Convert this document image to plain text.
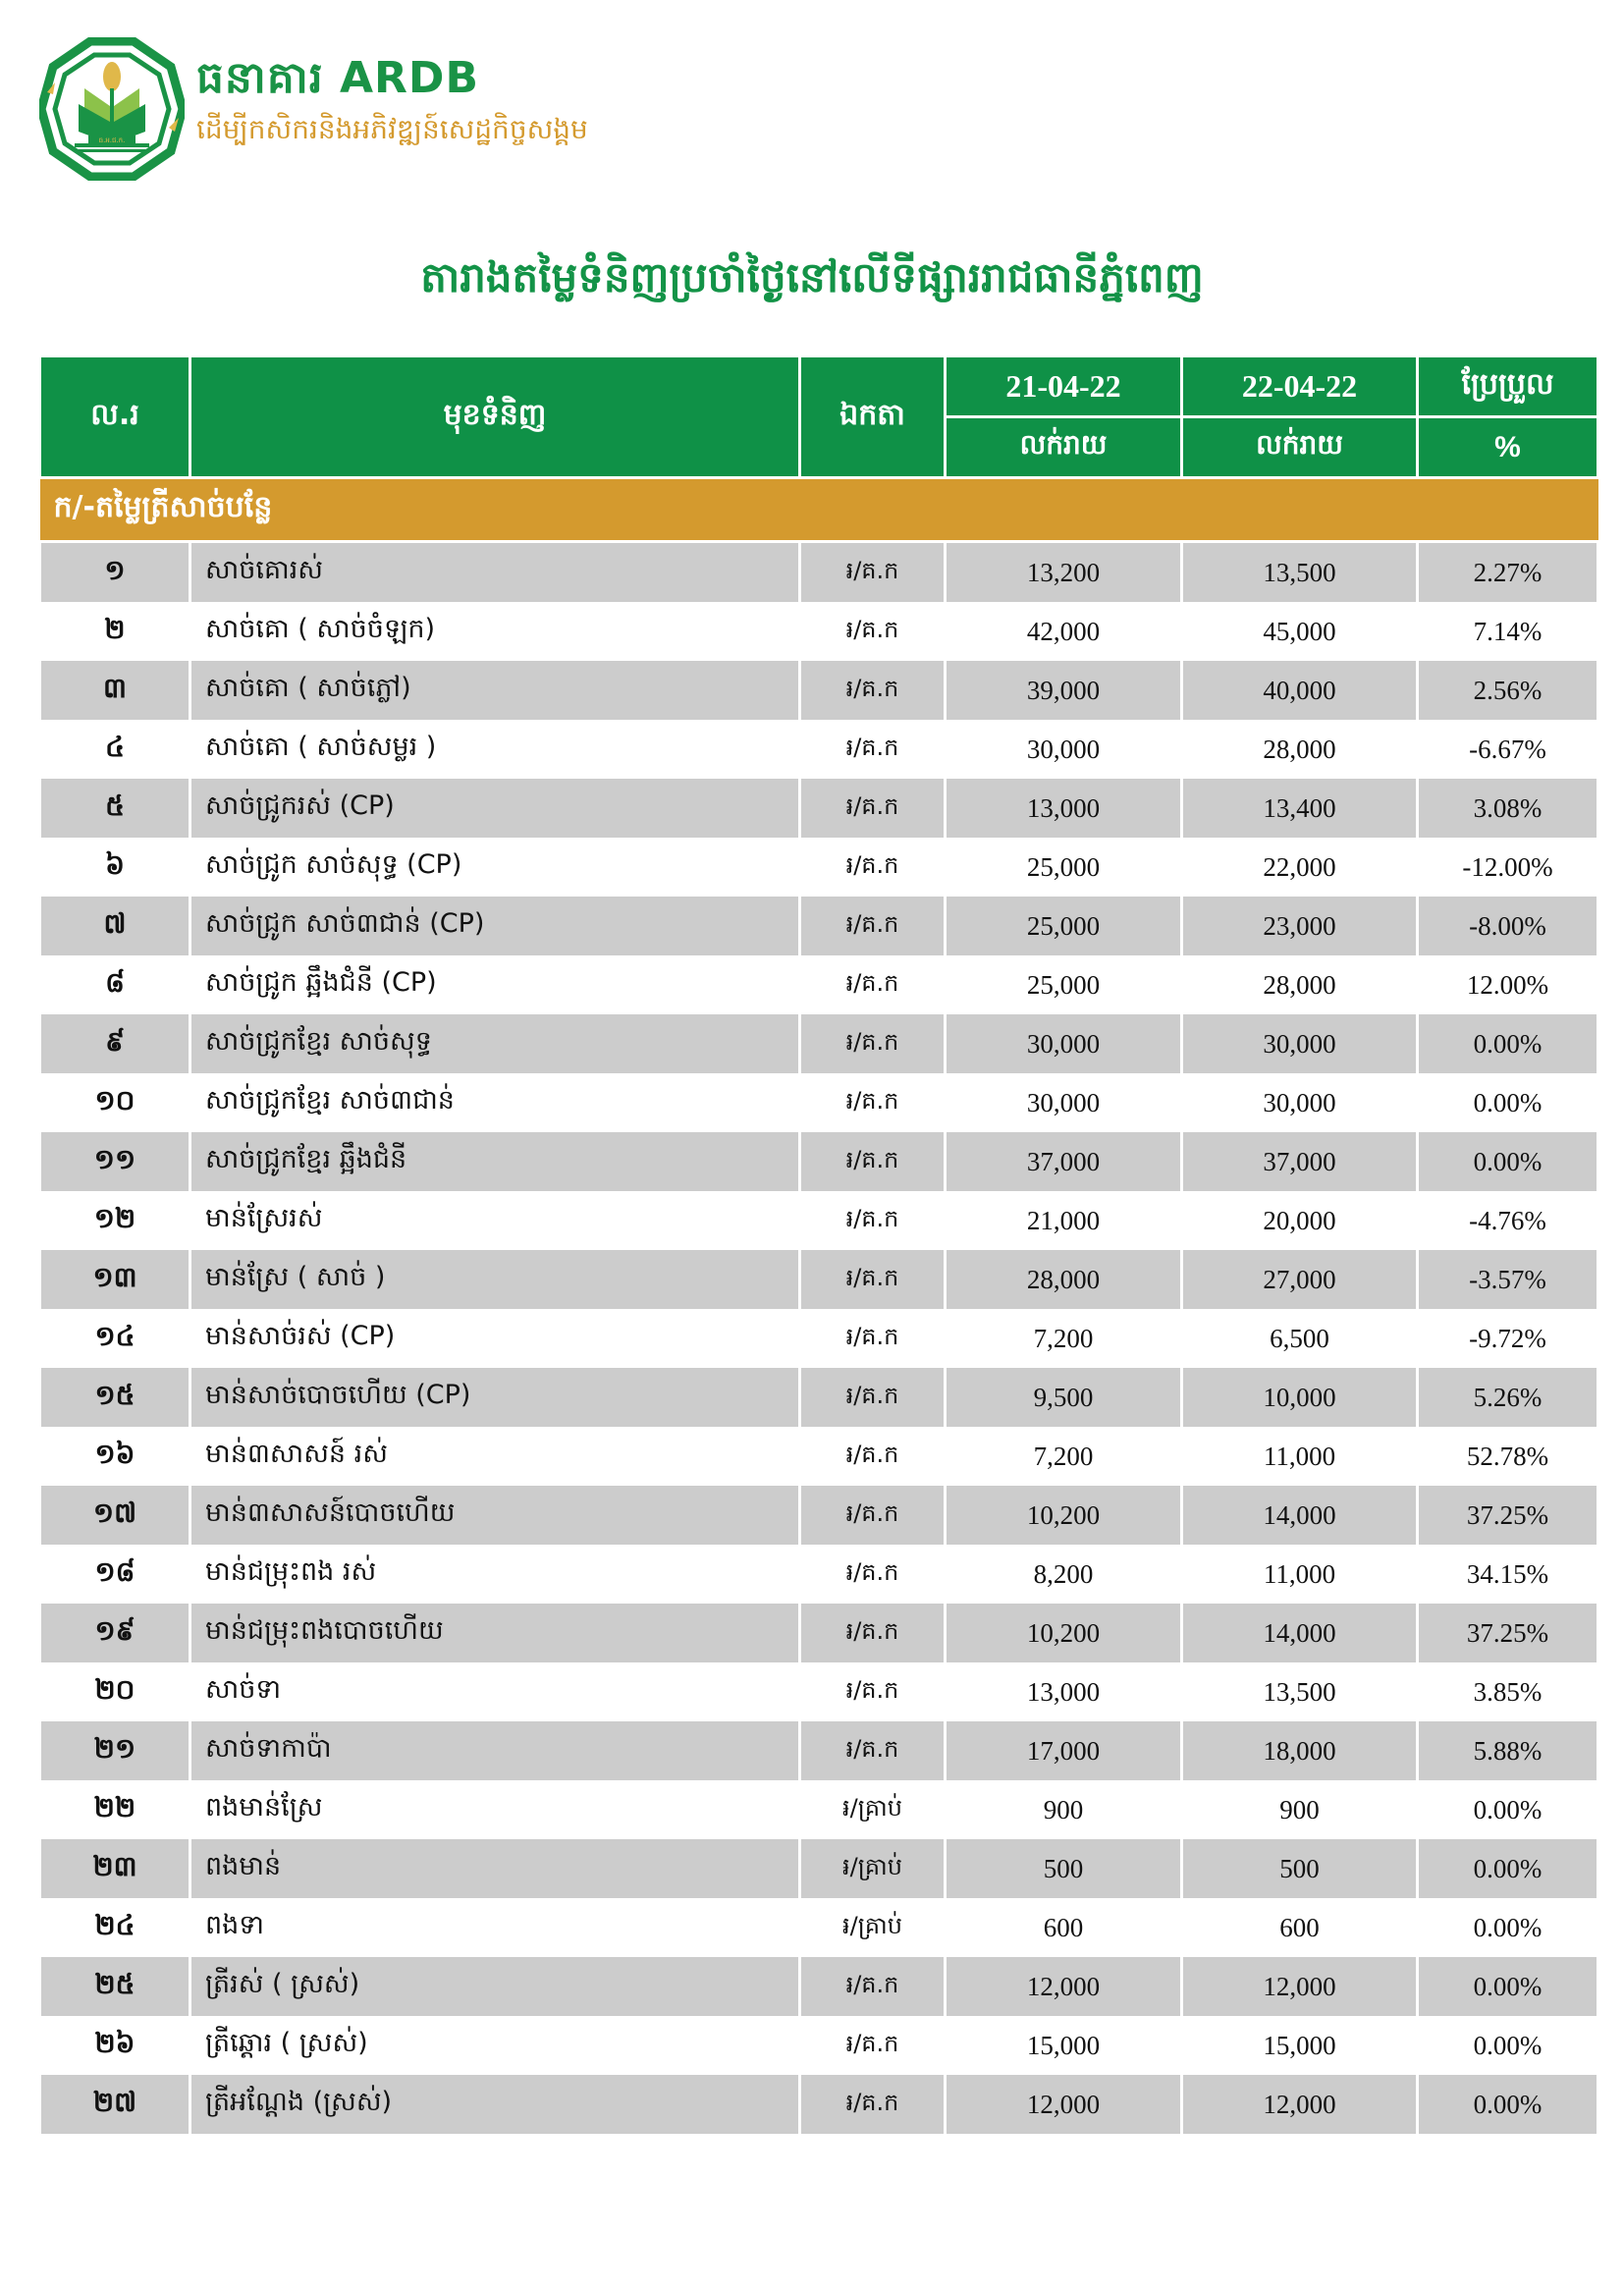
ធ.អ.ជ.ក.
ធនាគារ ARDB
ដើម្បីកសិករនិងអភិវឌ្ឍន៍សេដ្ឋកិច្ចសង្គម
តារាងតម្លៃទំនិញប្រចាំថ្ងៃនៅលើទីផ្សាររាជធានីភ្នំពេញ
ល.រ	មុខទំនិញ	ឯកតា	21-04-22	22-04-22	ប្រែប្រួល
			លក់រាយ	លក់រាយ	%
ក/-តម្លៃត្រីសាច់បន្លែ					
១	សាច់គោរស់	៛/គ.ក	13,200	13,500	2.27%
២	សាច់គោ ( សាច់ចំឡក)	៛/គ.ក	42,000	45,000	7.14%
៣	សាច់គោ ( សាច់ភ្លៅ)	៛/គ.ក	39,000	40,000	2.56%
៤	សាច់គោ ( សាច់សម្លរ )	៛/គ.ក	30,000	28,000	-6.67%
៥	សាច់ជ្រូករស់ (CP)	៛/គ.ក	13,000	13,400	3.08%
៦	សាច់ជ្រូក សាច់សុទ្ធ (CP)	៛/គ.ក	25,000	22,000	-12.00%
៧	សាច់ជ្រូក សាច់៣ជាន់ (CP)	៛/គ.ក	25,000	23,000	-8.00%
៨	សាច់ជ្រូក ឆ្អឹងជំនី (CP)	៛/គ.ក	25,000	28,000	12.00%
៩	សាច់ជ្រូកខ្មែរ សាច់សុទ្ធ	៛/គ.ក	30,000	30,000	0.00%
១០	សាច់ជ្រូកខ្មែរ សាច់៣ជាន់	៛/គ.ក	30,000	30,000	0.00%
១១	សាច់ជ្រូកខ្មែរ ឆ្អឹងជំនី	៛/គ.ក	37,000	37,000	0.00%
១២	មាន់ស្រែរស់	៛/គ.ក	21,000	20,000	-4.76%
១៣	មាន់ស្រែ ( សាច់ )	៛/គ.ក	28,000	27,000	-3.57%
១៤	មាន់សាច់រស់ (CP)	៛/គ.ក	7,200	6,500	-9.72%
១៥	មាន់សាច់បោចហើយ (CP)	៛/គ.ក	9,500	10,000	5.26%
១៦	មាន់៣សាសន៍ រស់	៛/គ.ក	7,200	11,000	52.78%
១៧	មាន់៣សាសន៍បោចហើយ	៛/គ.ក	10,200	14,000	37.25%
១៨	មាន់ជម្រុះពង រស់	៛/គ.ក	8,200	11,000	34.15%
១៩	មាន់ជម្រុះពងបោចហើយ	៛/គ.ក	10,200	14,000	37.25%
២០	សាច់ទា	៛/គ.ក	13,000	13,500	3.85%
២១	សាច់ទាកាប៉ា	៛/គ.ក	17,000	18,000	5.88%
២២	ពងមាន់ស្រែ	៛/គ្រាប់	900	900	0.00%
២៣	ពងមាន់	៛/គ្រាប់	500	500	0.00%
២៤	ពងទា	៛/គ្រាប់	600	600	0.00%
២៥	ត្រីរស់ ( ស្រស់)	៛/គ.ក	12,000	12,000	0.00%
២៦	ត្រីឆ្តោរ ( ស្រស់)	៛/គ.ក	15,000	15,000	0.00%
២៧	ត្រីអណ្តែង (ស្រស់)	៛/គ.ក	12,000	12,000	0.00%
